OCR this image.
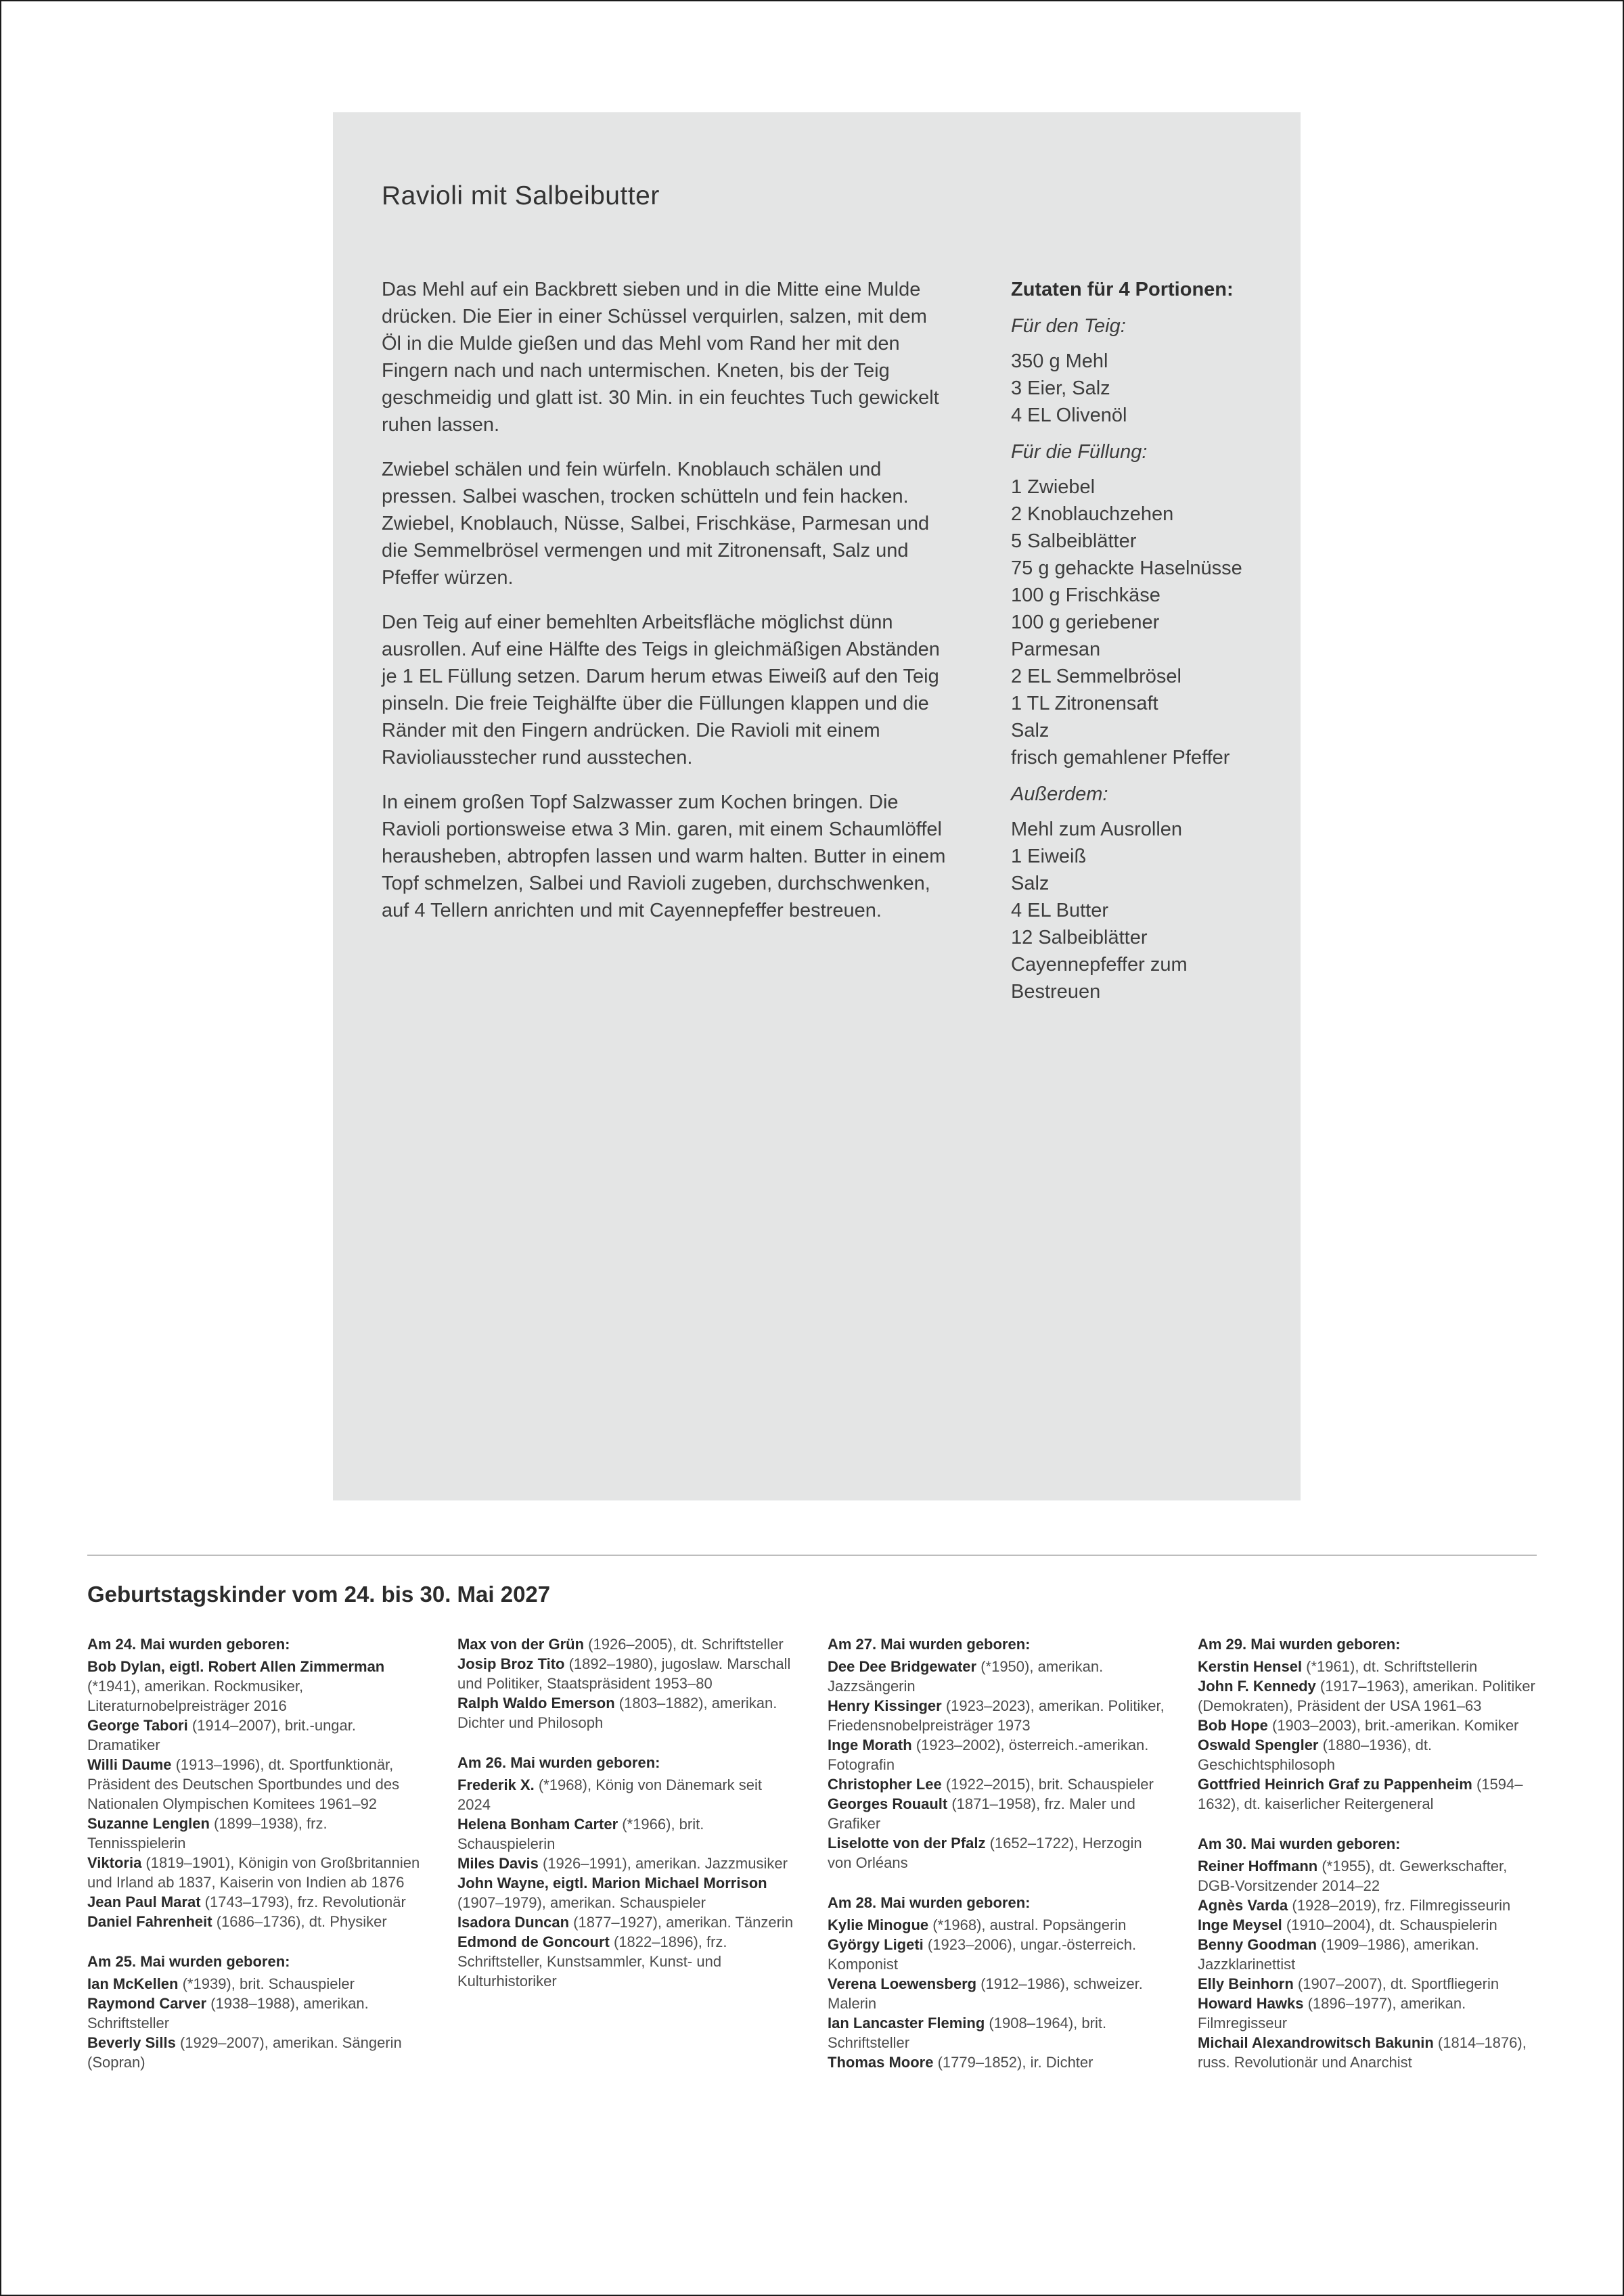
Ravioli mit Salbeibutter

Das Mehl auf ein Backbrett sieben und in die Mitte eine Mulde drücken. Die Eier in einer Schüssel verquirlen, salzen, mit dem Öl in die Mulde gießen und das Mehl vom Rand her mit den Fingern nach und nach untermischen. Kneten, bis der Teig geschmeidig und glatt ist. 30 Min. in ein feuchtes Tuch gewickelt ruhen lassen.

Zwiebel schälen und fein würfeln. Knoblauch schälen und pressen. Salbei waschen, trocken schütteln und fein hacken. Zwiebel, Knoblauch, Nüsse, Salbei, Frischkäse, Parmesan und die Semmelbrösel vermengen und mit Zitronensaft, Salz und Pfeffer würzen.

Den Teig auf einer bemehlten Arbeitsfläche möglichst dünn ausrollen. Auf eine Hälfte des Teigs in gleichmäßigen Abständen je 1 EL Füllung setzen. Darum herum etwas Eiweiß auf den Teig pinseln. Die freie Teighälfte über die Füllungen klappen und die Ränder mit den Fingern andrücken. Die Ravioli mit einem Ravioliausstecher rund ausstechen.

In einem großen Topf Salzwasser zum Kochen bringen. Die Ravioli portionsweise etwa 3 Min. garen, mit einem Schaumlöffel herausheben, abtropfen lassen und warm halten. Butter in einem Topf schmelzen, Salbei und Ravioli zugeben, durchschwenken, auf 4 Tellern anrichten und mit Cayennepfeffer bestreuen.

Zutaten für 4 Portionen:
Für den Teig:
350 g Mehl
3 Eier, Salz
4 EL Olivenöl
Für die Füllung:
1 Zwiebel
2 Knoblauchzehen
5 Salbeiblätter
75 g gehackte Haselnüsse
100 g Frischkäse
100 g geriebener Parmesan
2 EL Semmelbrösel
1 TL Zitronensaft
Salz
frisch gemahlener Pfeffer
Außerdem:
Mehl zum Ausrollen
1 Eiweiß
Salz
4 EL Butter
12 Salbeiblätter
Cayennepfeffer zum Bestreuen
Geburtstagskinder vom 24. bis 30. Mai 2027
Am 24. Mai wurden geboren:
Bob Dylan, eigtl. Robert Allen Zimmerman (*1941), amerikan. Rockmusiker, Literaturnobelpreisträger 2016
George Tabori (1914–2007), brit.-ungar. Dramatiker
Willi Daume (1913–1996), dt. Sportfunktionär, Präsident des Deutschen Sportbundes und des Nationalen Olympischen Komitees 1961–92
Suzanne Lenglen (1899–1938), frz. Tennisspielerin
Viktoria (1819–1901), Königin von Großbritannien und Irland ab 1837, Kaiserin von Indien ab 1876
Jean Paul Marat (1743–1793), frz. Revolutionär
Daniel Fahrenheit (1686–1736), dt. Physiker
Am 25. Mai wurden geboren:
Ian McKellen (*1939), brit. Schauspieler
Raymond Carver (1938–1988), amerikan. Schriftsteller
Beverly Sills (1929–2007), amerikan. Sängerin (Sopran)
Max von der Grün (1926–2005), dt. Schriftsteller
Josip Broz Tito (1892–1980), jugoslaw. Marschall und Politiker, Staatspräsident 1953–80
Ralph Waldo Emerson (1803–1882), amerikan. Dichter und Philosoph
Am 26. Mai wurden geboren:
Frederik X. (*1968), König von Dänemark seit 2024
Helena Bonham Carter (*1966), brit. Schauspielerin
Miles Davis (1926–1991), amerikan. Jazzmusiker
John Wayne, eigtl. Marion Michael Morrison (1907–1979), amerikan. Schauspieler
Isadora Duncan (1877–1927), amerikan. Tänzerin
Edmond de Goncourt (1822–1896), frz. Schriftsteller, Kunstsammler, Kunst- und Kulturhistoriker
Am 27. Mai wurden geboren:
Dee Dee Bridgewater (*1950), amerikan. Jazzsängerin
Henry Kissinger (1923–2023), amerikan. Politiker, Friedensnobelpreisträger 1973
Inge Morath (1923–2002), österreich.-amerikan. Fotografin
Christopher Lee (1922–2015), brit. Schauspieler
Georges Rouault (1871–1958), frz. Maler und Grafiker
Liselotte von der Pfalz (1652–1722), Herzogin von Orléans
Am 28. Mai wurden geboren:
Kylie Minogue (*1968), austral. Popsängerin
György Ligeti (1923–2006), ungar.-österreich. Komponist
Verena Loewensberg (1912–1986), schweizer. Malerin
Ian Lancaster Fleming (1908–1964), brit. Schriftsteller
Thomas Moore (1779–1852), ir. Dichter
Am 29. Mai wurden geboren:
Kerstin Hensel (*1961), dt. Schriftstellerin
John F. Kennedy (1917–1963), amerikan. Politiker (Demokraten), Präsident der USA 1961–63
Bob Hope (1903–2003), brit.-amerikan. Komiker
Oswald Spengler (1880–1936), dt. Geschichtsphilosoph
Gottfried Heinrich Graf zu Pappenheim (1594–1632), dt. kaiserlicher Reitergeneral
Am 30. Mai wurden geboren:
Reiner Hoffmann (*1955), dt. Gewerkschafter, DGB-Vorsitzender 2014–22
Agnès Varda (1928–2019), frz. Filmregisseurin
Inge Meysel (1910–2004), dt. Schauspielerin
Benny Goodman (1909–1986), amerikan. Jazzklarinettist
Elly Beinhorn (1907–2007), dt. Sportfliegerin
Howard Hawks (1896–1977), amerikan. Filmregisseur
Michail Alexandrowitsch Bakunin (1814–1876), russ. Revolutionär und Anarchist
